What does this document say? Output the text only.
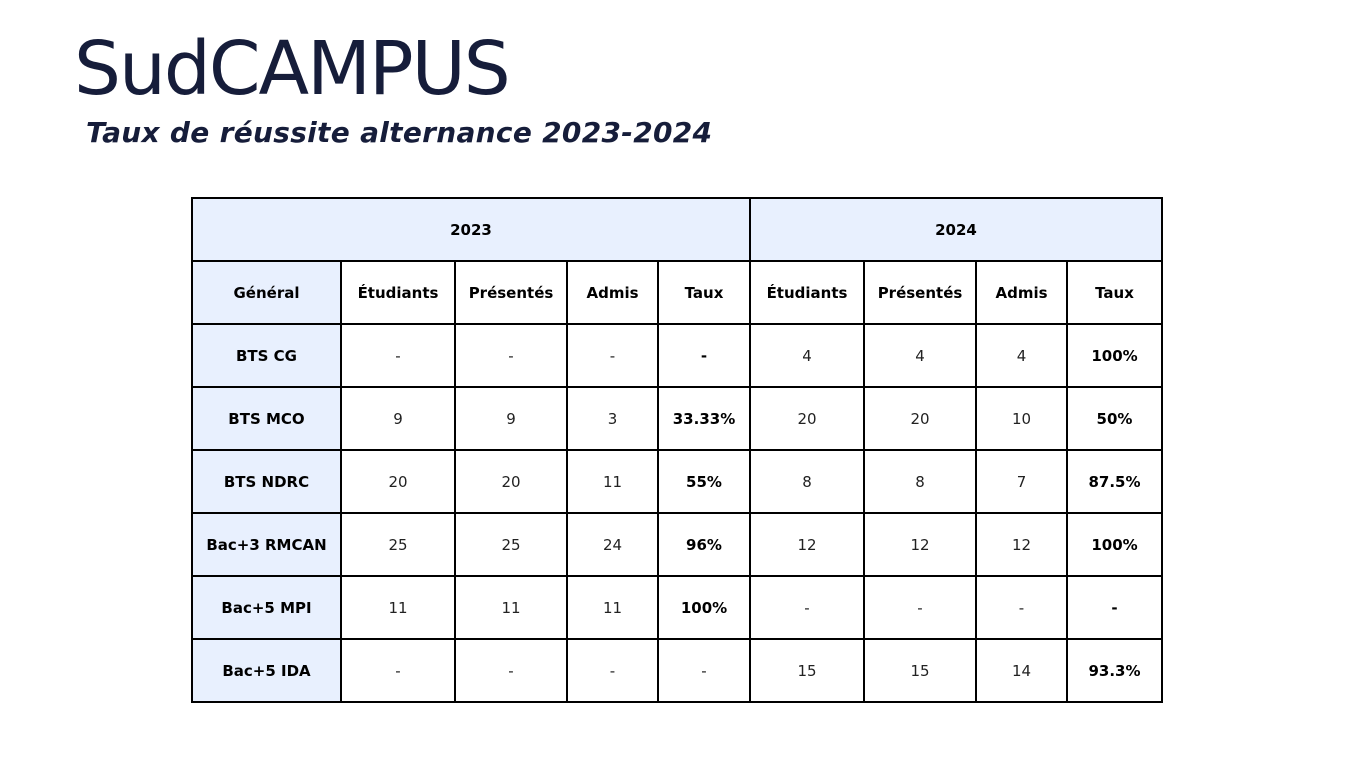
SudCAMPUS
Taux de réussite alternance 2023-2024
2023					2024			
Général	Étudiants	Présentés	Admis	Taux	Étudiants	Présentés	Admis	Taux
BTS CG	-	-	-	-	4	4	4	100%
BTS MCO	9	9	3	33.33%	20	20	10	50%
BTS NDRC	20	20	11	55%	8	8	7	87.5%
Bac+3 RMCAN	25	25	24	96%	12	12	12	100%
Bac+5 MPI	11	11	11	100%	-	-	-	-
Bac+5 IDA	-	-	-	-	15	15	14	93.3%
